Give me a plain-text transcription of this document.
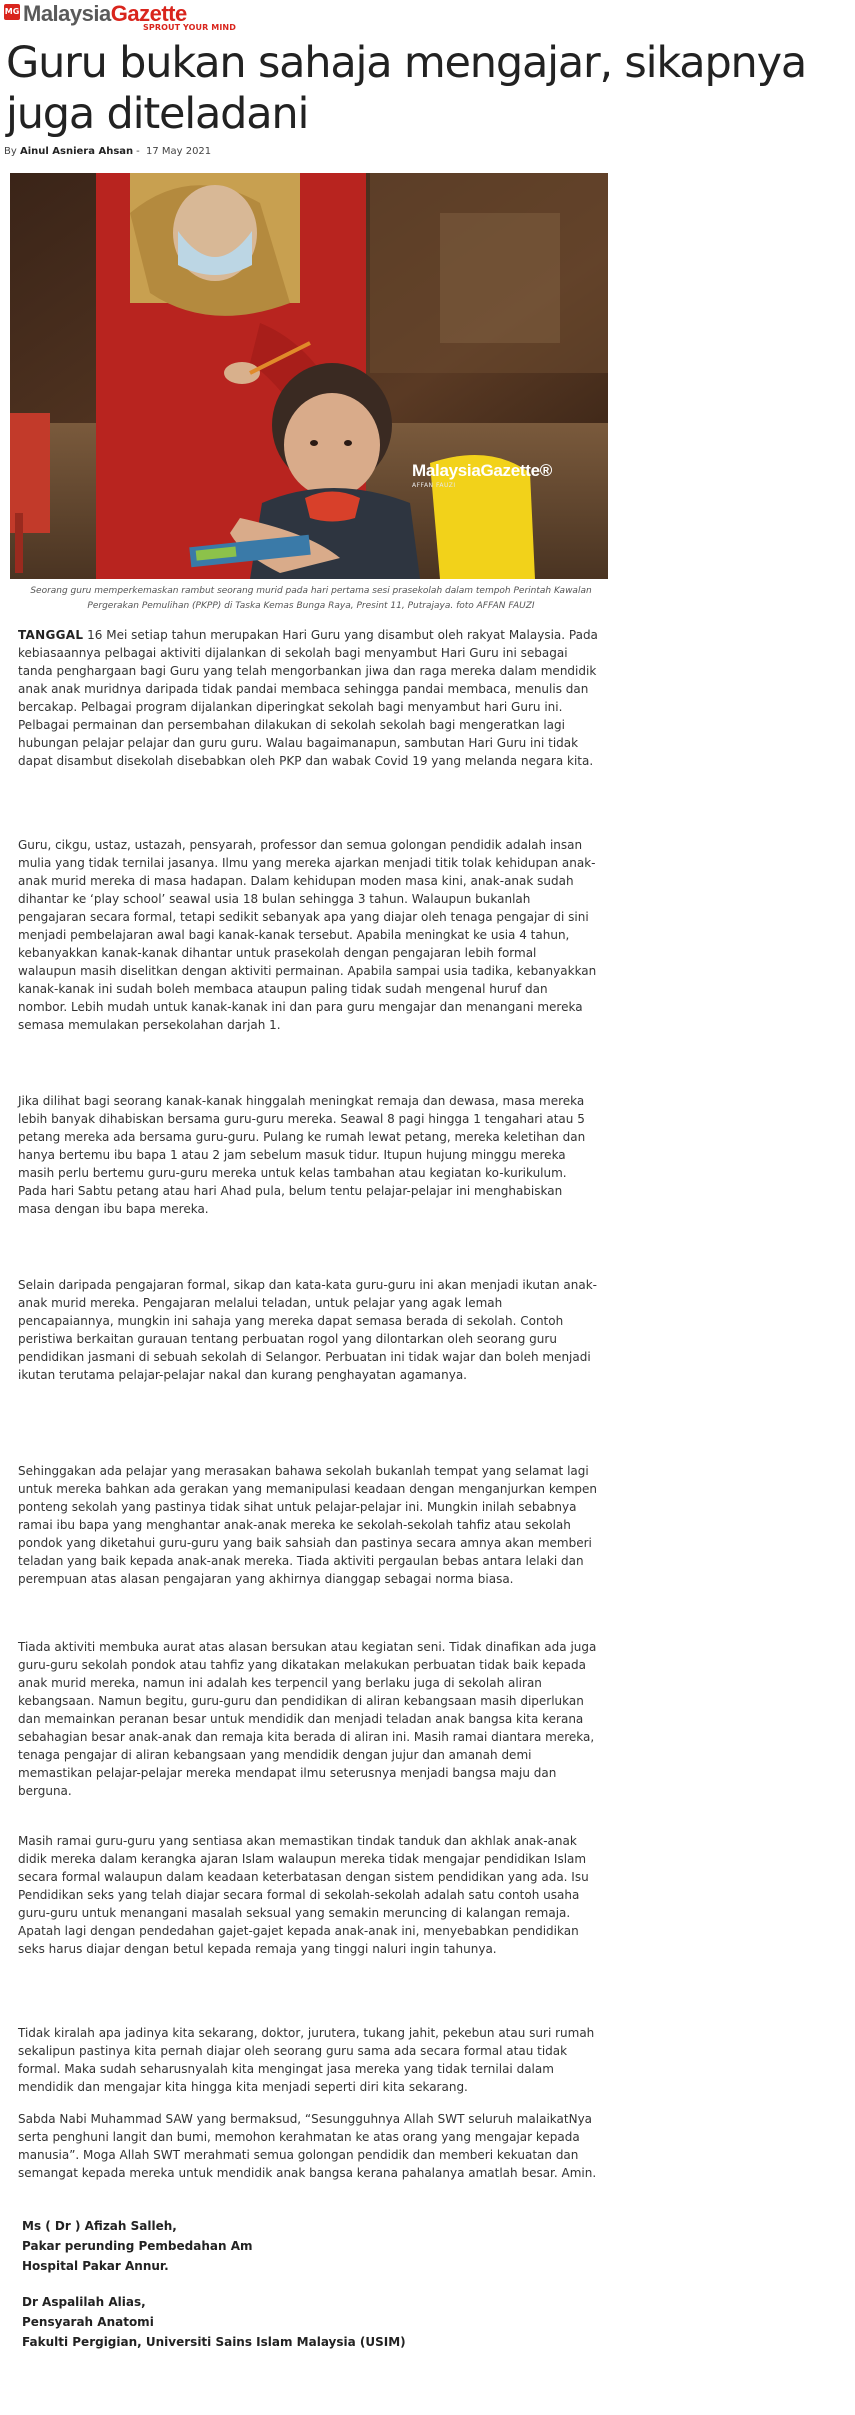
MG MalaysiaGazette
SPROUT YOUR MIND
Guru bukan sahaja mengajar, sikapnya juga diteladani
By Ainul Asniera Ahsan - 17 May 2021
MalaysiaGazette®
AFFAN FAUZI

Seorang guru memperkemaskan rambut seorang murid pada hari pertama sesi prasekolah dalam tempoh Perintah Kawalan Pergerakan Pemulihan (PKPP) di Taska Kemas Bunga Raya, Presint 11, Putrajaya. foto AFFAN FAUZI

TANGGAL 16 Mei setiap tahun merupakan Hari Guru yang disambut oleh rakyat Malaysia. Pada kebiasaannya pelbagai aktiviti dijalankan di sekolah bagi menyambut Hari Guru ini sebagai tanda penghargaan bagi Guru yang telah mengorbankan jiwa dan raga mereka dalam mendidik anak anak muridnya daripada tidak pandai membaca sehingga pandai membaca, menulis dan bercakap. Pelbagai program dijalankan diperingkat sekolah bagi menyambut hari Guru ini. Pelbagai permainan dan persembahan dilakukan di sekolah sekolah bagi mengeratkan lagi hubungan pelajar pelajar dan guru guru. Walau bagaimanapun, sambutan Hari Guru ini tidak dapat disambut disekolah disebabkan oleh PKP dan wabak Covid 19 yang melanda negara kita.

Guru, cikgu, ustaz, ustazah, pensyarah, professor dan semua golongan pendidik adalah insan mulia yang tidak ternilai jasanya. Ilmu yang mereka ajarkan menjadi titik tolak kehidupan anak-anak murid mereka di masa hadapan. Dalam kehidupan moden masa kini, anak-anak sudah dihantar ke ‘play school’ seawal usia 18 bulan sehingga 3 tahun. Walaupun bukanlah pengajaran secara formal, tetapi sedikit sebanyak apa yang diajar oleh tenaga pengajar di sini menjadi pembelajaran awal bagi kanak-kanak tersebut. Apabila meningkat ke usia 4 tahun, kebanyakkan kanak-kanak dihantar untuk prasekolah dengan pengajaran lebih formal walaupun masih diselitkan dengan aktiviti permainan. Apabila sampai usia tadika, kebanyakkan kanak-kanak ini sudah boleh membaca ataupun paling tidak sudah mengenal huruf dan nombor. Lebih mudah untuk kanak-kanak ini dan para guru mengajar dan menangani mereka semasa memulakan persekolahan darjah 1.

Jika dilihat bagi seorang kanak-kanak hinggalah meningkat remaja dan dewasa, masa mereka lebih banyak dihabiskan bersama guru-guru mereka. Seawal 8 pagi hingga 1 tengahari atau 5 petang mereka ada bersama guru-guru. Pulang ke rumah lewat petang, mereka keletihan dan hanya bertemu ibu bapa 1 atau 2 jam sebelum masuk tidur. Itupun hujung minggu mereka masih perlu bertemu guru-guru mereka untuk kelas tambahan atau kegiatan ko-kurikulum. Pada hari Sabtu petang atau hari Ahad pula, belum tentu pelajar-pelajar ini menghabiskan masa dengan ibu bapa mereka.

Selain daripada pengajaran formal, sikap dan kata-kata guru-guru ini akan menjadi ikutan anak-anak murid mereka. Pengajaran melalui teladan, untuk pelajar yang agak lemah pencapaiannya, mungkin ini sahaja yang mereka dapat semasa berada di sekolah. Contoh peristiwa berkaitan gurauan tentang perbuatan rogol yang dilontarkan oleh seorang guru pendidikan jasmani di sebuah sekolah di Selangor. Perbuatan ini tidak wajar dan boleh menjadi ikutan terutama pelajar-pelajar nakal dan kurang penghayatan agamanya.

Sehinggakan ada pelajar yang merasakan bahawa sekolah bukanlah tempat yang selamat lagi untuk mereka bahkan ada gerakan yang memanipulasi keadaan dengan menganjurkan kempen ponteng sekolah yang pastinya tidak sihat untuk pelajar-pelajar ini. Mungkin inilah sebabnya ramai ibu bapa yang menghantar anak-anak mereka ke sekolah-sekolah tahfiz atau sekolah pondok yang diketahui guru-guru yang baik sahsiah dan pastinya secara amnya akan memberi teladan yang baik kepada anak-anak mereka. Tiada aktiviti pergaulan bebas antara lelaki dan perempuan atas alasan pengajaran yang akhirnya dianggap sebagai norma biasa.

Tiada aktiviti membuka aurat atas alasan bersukan atau kegiatan seni. Tidak dinafikan ada juga guru-guru sekolah pondok atau tahfiz yang dikatakan melakukan perbuatan tidak baik kepada anak murid mereka, namun ini adalah kes terpencil yang berlaku juga di sekolah aliran kebangsaan. Namun begitu, guru-guru dan pendidikan di aliran kebangsaan masih diperlukan dan memainkan peranan besar untuk mendidik dan menjadi teladan anak bangsa kita kerana sebahagian besar anak-anak dan remaja kita berada di aliran ini. Masih ramai diantara mereka, tenaga pengajar di aliran kebangsaan yang mendidik dengan jujur dan amanah demi memastikan pelajar-pelajar mereka mendapat ilmu seterusnya menjadi bangsa maju dan berguna.

Masih ramai guru-guru yang sentiasa akan memastikan tindak tanduk dan akhlak anak-anak didik mereka dalam kerangka ajaran Islam walaupun mereka tidak mengajar pendidikan Islam secara formal walaupun dalam keadaan keterbatasan dengan sistem pendidikan yang ada. Isu Pendidikan seks yang telah diajar secara formal di sekolah-sekolah adalah satu contoh usaha guru-guru untuk menangani masalah seksual yang semakin meruncing di kalangan remaja. Apatah lagi dengan pendedahan gajet-gajet kepada anak-anak ini, menyebabkan pendidikan seks harus diajar dengan betul kepada remaja yang tinggi naluri ingin tahunya.

Tidak kiralah apa jadinya kita sekarang, doktor, jurutera, tukang jahit, pekebun atau suri rumah sekalipun pastinya kita pernah diajar oleh seorang guru sama ada secara formal atau tidak formal. Maka sudah seharusnyalah kita mengingat jasa mereka yang tidak ternilai dalam mendidik dan mengajar kita hingga kita menjadi seperti diri kita sekarang.

Sabda Nabi Muhammad SAW yang bermaksud, “Sesungguhnya Allah SWT seluruh malaikatNya serta penghuni langit dan bumi, memohon kerahmatan ke atas orang yang mengajar kepada manusia”. Moga Allah SWT merahmati semua golongan pendidik dan memberi kekuatan dan semangat kepada mereka untuk mendidik anak bangsa kerana pahalanya amatlah besar. Amin.

Ms ( Dr ) Afizah Salleh,
Pakar perunding Pembedahan Am
Hospital Pakar Annur.
Dr Aspalilah Alias,
Pensyarah Anatomi
Fakulti Pergigian, Universiti Sains Islam Malaysia (USIM)
